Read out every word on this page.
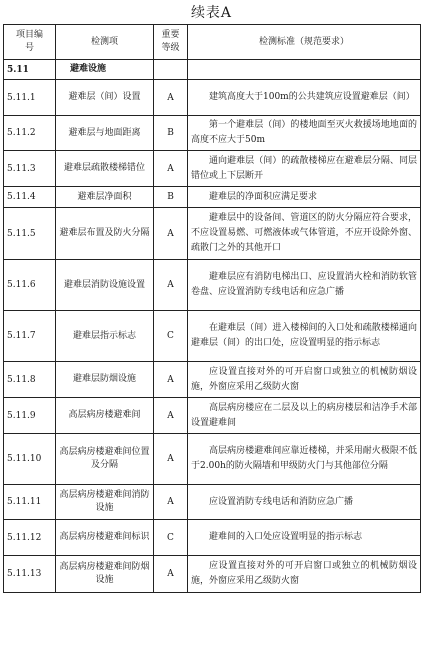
续表A
项目编号	检测项	重要等级	检测标准（规范要求）
5.11	避难设施		
5.11.1	避难层（间）设置	A	建筑高度大于100m的公共建筑应设置避难层（间）
5.11.2	避难层与地面距离	B	第一个避难层（间）的楼地面至灭火救援场地地面的高度不应大于50m
5.11.3	避难层疏散楼梯错位	A	通向避难层（间）的疏散楼梯应在避难层分隔、同层错位或上下层断开
5.11.4	避难层净面积	B	避难层的净面积应满足要求
5.11.5	避难层布置及防火分隔	A	避难层中的设备间、管道区的防火分隔应符合要求，不应设置易燃、可燃液体或气体管道，不应开设除外窗、疏散门之外的其他开口
5.11.6	避难层消防设施设置	A	避难层应有消防电梯出口、应设置消火栓和消防软管卷盘、应设置消防专线电话和应急广播
5.11.7	避难层指示标志	C	在避难层（间）进入楼梯间的入口处和疏散楼梯通向避难层（间）的出口处，应设置明显的指示标志
5.11.8	避难层防烟设施	A	应设置直接对外的可开启窗口或独立的机械防烟设施，外窗应采用乙级防火窗
5.11.9	高层病房楼避难间	A	高层病房楼应在二层及以上的病房楼层和洁净手术部设置避难间
5.11.10	高层病房楼避难间位置及分隔	A	高层病房楼避难间应靠近楼梯，并采用耐火极限不低于2.00h的防火隔墙和甲级防火门与其他部位分隔
5.11.11	高层病房楼避难间消防设施	A	应设置消防专线电话和消防应急广播
5.11.12	高层病房楼避难间标识	C	避难间的入口处应设置明显的指示标志
5.11.13	高层病房楼避难间防烟设施	A	应设置直接对外的可开启窗口或独立的机械防烟设施，外窗应采用乙级防火窗
